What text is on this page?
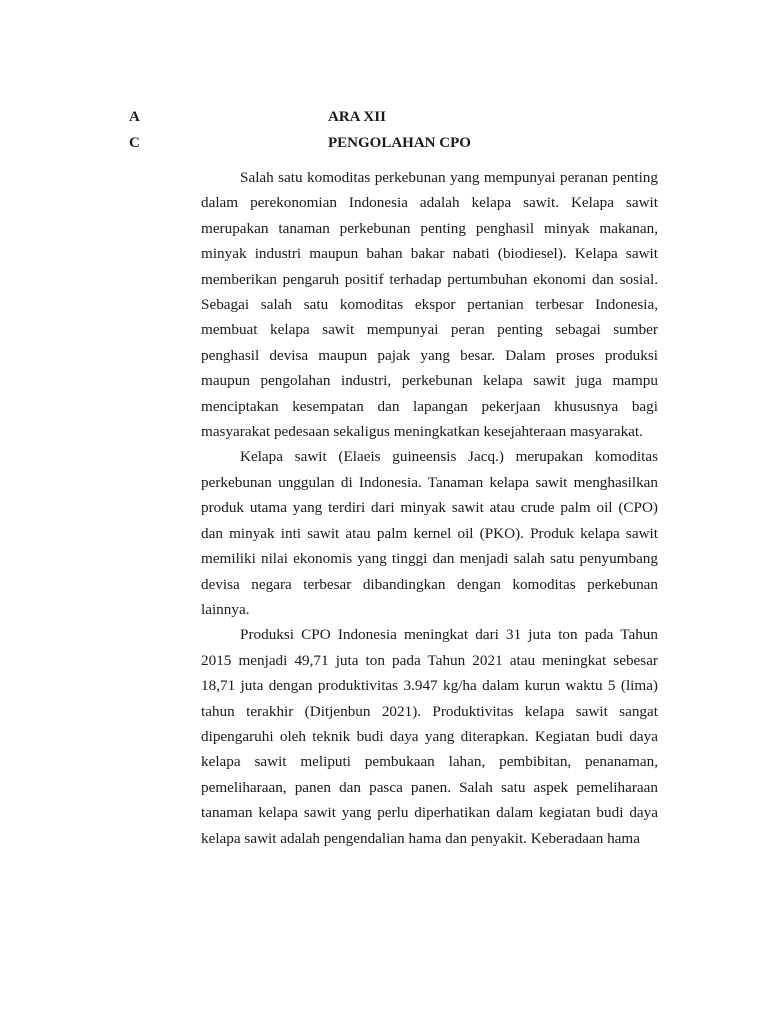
A	ARA XII
C	PENGOLAHAN CPO

Salah satu komoditas perkebunan yang mempunyai peranan penting dalam perekonomian Indonesia adalah kelapa sawit. Kelapa sawit merupakan tanaman perkebunan penting penghasil minyak makanan, minyak industri maupun bahan bakar nabati (biodiesel). Kelapa sawit memberikan pengaruh positif terhadap pertumbuhan ekonomi dan sosial. Sebagai salah satu komoditas ekspor pertanian terbesar Indonesia, membuat kelapa sawit mempunyai peran penting sebagai sumber penghasil devisa maupun pajak yang besar. Dalam proses produksi maupun pengolahan industri, perkebunan kelapa sawit juga mampu menciptakan kesempatan dan lapangan pekerjaan khususnya bagi masyarakat pedesaan sekaligus meningkatkan kesejahteraan masyarakat.

Kelapa sawit (Elaeis guineensis Jacq.) merupakan komoditas perkebunan unggulan di Indonesia. Tanaman kelapa sawit menghasilkan produk utama yang terdiri dari minyak sawit atau crude palm oil (CPO) dan minyak inti sawit atau palm kernel oil (PKO). Produk kelapa sawit memiliki nilai ekonomis yang tinggi dan menjadi salah satu penyumbang devisa negara terbesar dibandingkan dengan komoditas perkebunan lainnya.

Produksi CPO Indonesia meningkat dari 31 juta ton pada Tahun 2015 menjadi 49,71 juta ton pada Tahun 2021 atau meningkat sebesar 18,71 juta dengan produktivitas 3.947 kg/ha dalam kurun waktu 5 (lima) tahun terakhir (Ditjenbun 2021). Produktivitas kelapa sawit sangat dipengaruhi oleh teknik budi daya yang diterapkan. Kegiatan budi daya kelapa sawit meliputi pembukaan lahan, pembibitan, penanaman, pemeliharaan, panen dan pasca panen. Salah satu aspek pemeliharaan tanaman kelapa sawit yang perlu diperhatikan dalam kegiatan budi daya kelapa sawit adalah pengendalian hama dan penyakit. Keberadaan hama
